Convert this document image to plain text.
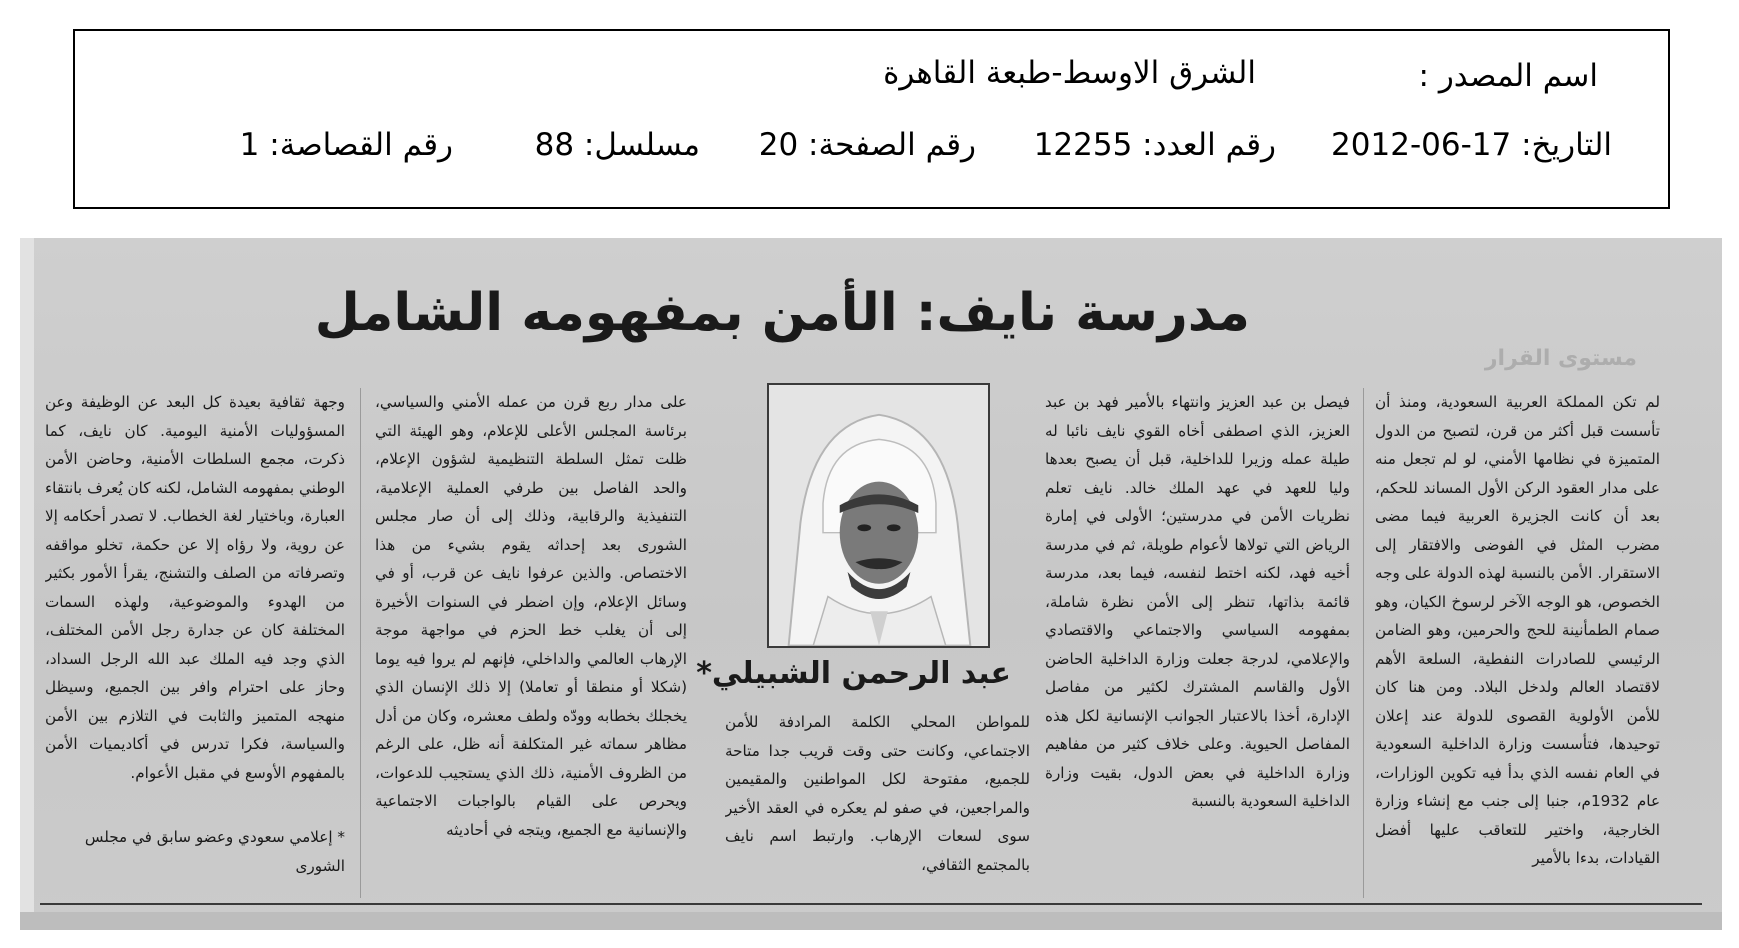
اسم المصدر :
الشرق الاوسط-طبعة القاهرة
التاريخ: 17-06-2012
رقم العدد: 12255
رقم الصفحة: 20
مسلسل: 88
رقم القصاصة: 1
مستوى القرار
مدرسة نايف: الأمن بمفهومه الشامل

لم تكن المملكة العربية السعودية، ومنذ أن تأسست قبل أكثر من قرن، لتصبح من الدول المتميزة في نظامها الأمني، لو لم تجعل منه على مدار العقود الركن الأول المساند للحكم، بعد أن كانت الجزيرة العربية فيما مضى مضرب المثل في الفوضى والافتقار إلى الاستقرار. الأمن بالنسبة لهذه الدولة على وجه الخصوص، هو الوجه الآخر لرسوخ الكيان، وهو صمام الطمأنينة للحج والحرمين، وهو الضامن الرئيسي للصادرات النفطية، السلعة الأهم لاقتصاد العالم ولدخل البلاد. ومن هنا كان للأمن الأولوية القصوى للدولة عند إعلان توحيدها، فتأسست وزارة الداخلية السعودية في العام نفسه الذي بدأ فيه تكوين الوزارات، عام 1932م، جنبا إلى جنب مع إنشاء وزارة الخارجية، واختير للتعاقب عليها أفضل القيادات، بدءا بالأمير

فيصل بن عبد العزيز وانتهاء بالأمير فهد بن عبد العزيز، الذي اصطفى أخاه القوي نايف نائبا له طيلة عمله وزيرا للداخلية، قبل أن يصبح بعدها وليا للعهد في عهد الملك خالد. نايف تعلم نظريات الأمن في مدرستين؛ الأولى في إمارة الرياض التي تولاها لأعوام طويلة، ثم في مدرسة أخيه فهد، لكنه اختط لنفسه، فيما بعد، مدرسة قائمة بذاتها، تنظر إلى الأمن نظرة شاملة، بمفهومه السياسي والاجتماعي والاقتصادي والإعلامي، لدرجة جعلت وزارة الداخلية الحاضن الأول والقاسم المشترك لكثير من مفاصل الإدارة، أخذا بالاعتبار الجوانب الإنسانية لكل هذه المفاصل الحيوية. وعلى خلاف كثير من مفاهيم وزارة الداخلية في بعض الدول، بقيت وزارة الداخلية السعودية بالنسبة

عبد الرحمن الشبيلي*

للمواطن المحلي الكلمة المرادفة للأمن الاجتماعي، وكانت حتى وقت قريب جدا متاحة للجميع، مفتوحة لكل المواطنين والمقيمين والمراجعين، في صفو لم يعكره في العقد الأخير سوى لسعات الإرهاب. وارتبط اسم نايف بالمجتمع الثقافي،

على مدار ربع قرن من عمله الأمني والسياسي، برئاسة المجلس الأعلى للإعلام، وهو الهيئة التي ظلت تمثل السلطة التنظيمية لشؤون الإعلام، والحد الفاصل بين طرفي العملية الإعلامية، التنفيذية والرقابية، وذلك إلى أن صار مجلس الشورى بعد إحداثه يقوم بشيء من هذا الاختصاص. والذين عرفوا نايف عن قرب، أو في وسائل الإعلام، وإن اضطر في السنوات الأخيرة إلى أن يغلب خط الحزم في مواجهة موجة الإرهاب العالمي والداخلي، فإنهم لم يروا فيه يوما (شكلا أو منطقا أو تعاملا) إلا ذلك الإنسان الذي يخجلك بخطابه وودّه ولطف معشره، وكان من أدل مظاهر سماته غير المتكلفة أنه ظل، على الرغم من الظروف الأمنية، ذلك الذي يستجيب للدعوات، ويحرص على القيام بالواجبات الاجتماعية والإنسانية مع الجميع، ويتجه في أحاديثه

وجهة ثقافية بعيدة كل البعد عن الوظيفة وعن المسؤوليات الأمنية اليومية. كان نايف، كما ذكرت، مجمع السلطات الأمنية، وحاضن الأمن الوطني بمفهومه الشامل، لكنه كان يُعرف بانتقاء العبارة، وباختيار لغة الخطاب. لا تصدر أحكامه إلا عن روية، ولا رؤاه إلا عن حكمة، تخلو مواقفه وتصرفاته من الصلف والتشنج، يقرأ الأمور بكثير من الهدوء والموضوعية، ولهذه السمات المختلفة كان عن جدارة رجل الأمن المختلف، الذي وجد فيه الملك عبد الله الرجل السداد، وحاز على احترام وافر بين الجميع، وسيظل منهجه المتميز والثابت في التلازم بين الأمن والسياسة، فكرا تدرس في أكاديميات الأمن بالمفهوم الأوسع في مقبل الأعوام.

* إعلامي سعودي وعضو سابق في مجلس الشورى
